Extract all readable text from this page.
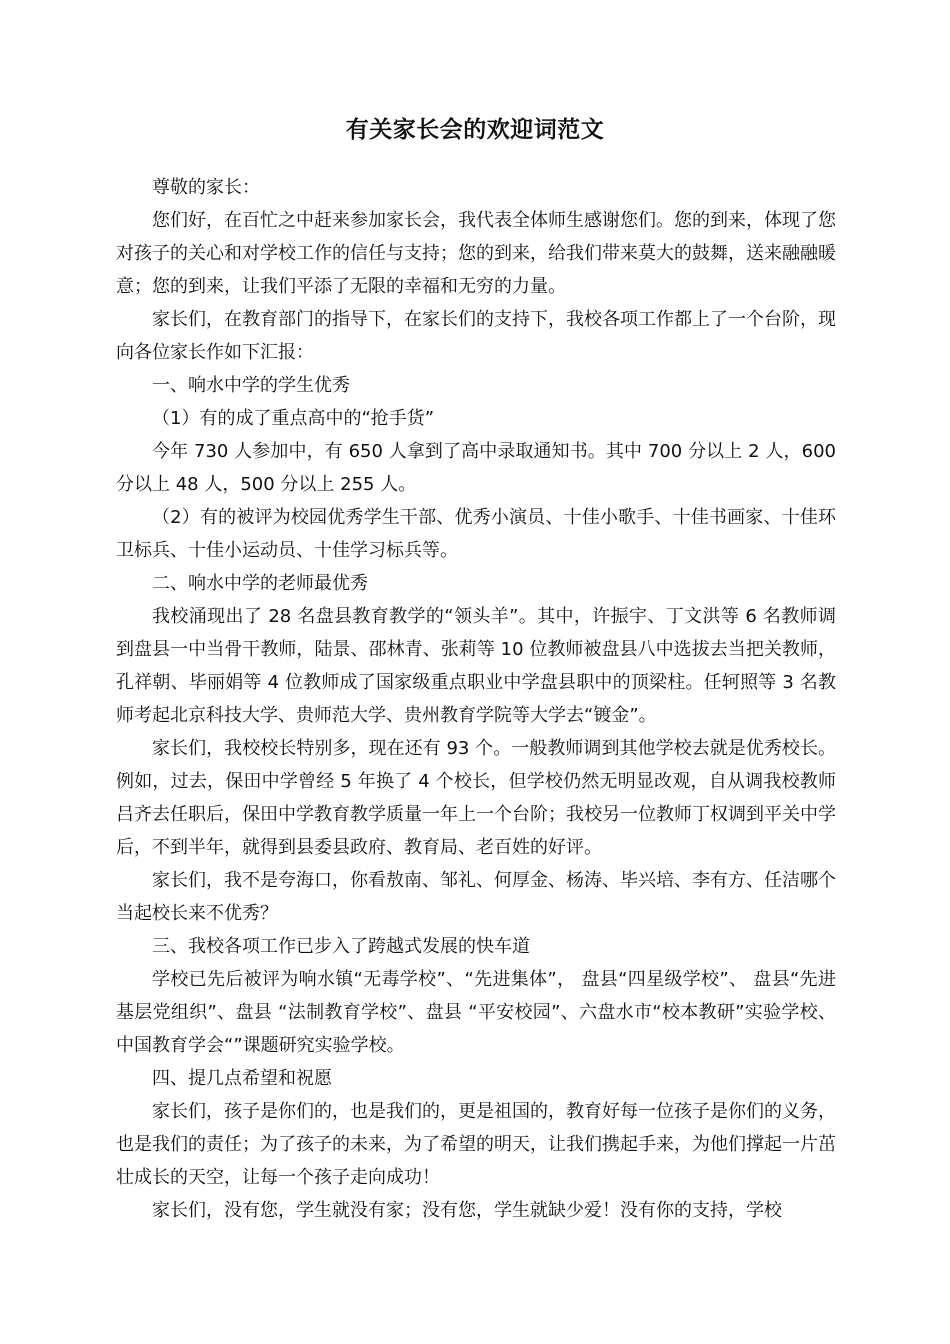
有关家长会的欢迎词范文

尊敬的家长：

您们好，在百忙之中赶来参加家长会，我代表全体师生感谢您们。您的到来，体现了您对孩子的关心和对学校工作的信任与支持；您的到来，给我们带来莫大的鼓舞，送来融融暖意；您的到来，让我们平添了无限的幸福和无穷的力量。

家长们，在教育部门的指导下，在家长们的支持下，我校各项工作都上了一个台阶，现向各位家长作如下汇报：

一、响水中学的学生优秀

（1）有的成了重点高中的“抢手货”

今年 730 人参加中，有 650 人拿到了高中录取通知书。其中 700 分以上 2 人，600 分以上 48 人，500 分以上 255 人。

（2）有的被评为校园优秀学生干部、优秀小演员、十佳小歌手、十佳书画家、十佳环卫标兵、十佳小运动员、十佳学习标兵等。

二、响水中学的老师最优秀

我校涌现出了 28 名盘县教育教学的“领头羊”。其中，许振宇、丁文洪等 6 名教师调到盘县一中当骨干教师，陆景、邵林青、张莉等 10 位教师被盘县八中选拔去当把关教师，孔祥朝、毕丽娟等 4 位教师成了国家级重点职业中学盘县职中的顶梁柱。任轲照等 3 名教师考起北京科技大学、贵师范大学、贵州教育学院等大学去“镀金”。

家长们，我校校长特别多，现在还有 93 个。一般教师调到其他学校去就是优秀校长。例如，过去，保田中学曾经 5 年换了 4 个校长，但学校仍然无明显改观，自从调我校教师吕齐去任职后，保田中学教育教学质量一年上一个台阶；我校另一位教师丁权调到平关中学后，不到半年，就得到县委县政府、教育局、老百姓的好评。

家长们，我不是夸海口，你看敖南、邹礼、何厚金、杨涛、毕兴培、李有方、任洁哪个当起校长来不优秀？

三、我校各项工作已步入了跨越式发展的快车道

学校已先后被评为响水镇“无毒学校”、“先进集体”， 盘县“四星级学校”、 盘县“先进基层党组织”、盘县 “法制教育学校”、盘县 “平安校园”、六盘水市“校本教研”实验学校、中国教育学会“”课题研究实验学校。

四、提几点希望和祝愿

家长们，孩子是你们的，也是我们的，更是祖国的，教育好每一位孩子是你们的义务，也是我们的责任；为了孩子的未来，为了希望的明天，让我们携起手来，为他们撑起一片茁壮成长的天空，让每一个孩子走向成功！

家长们，没有您，学生就没有家；没有您，学生就缺少爱！没有你的支持，学校
